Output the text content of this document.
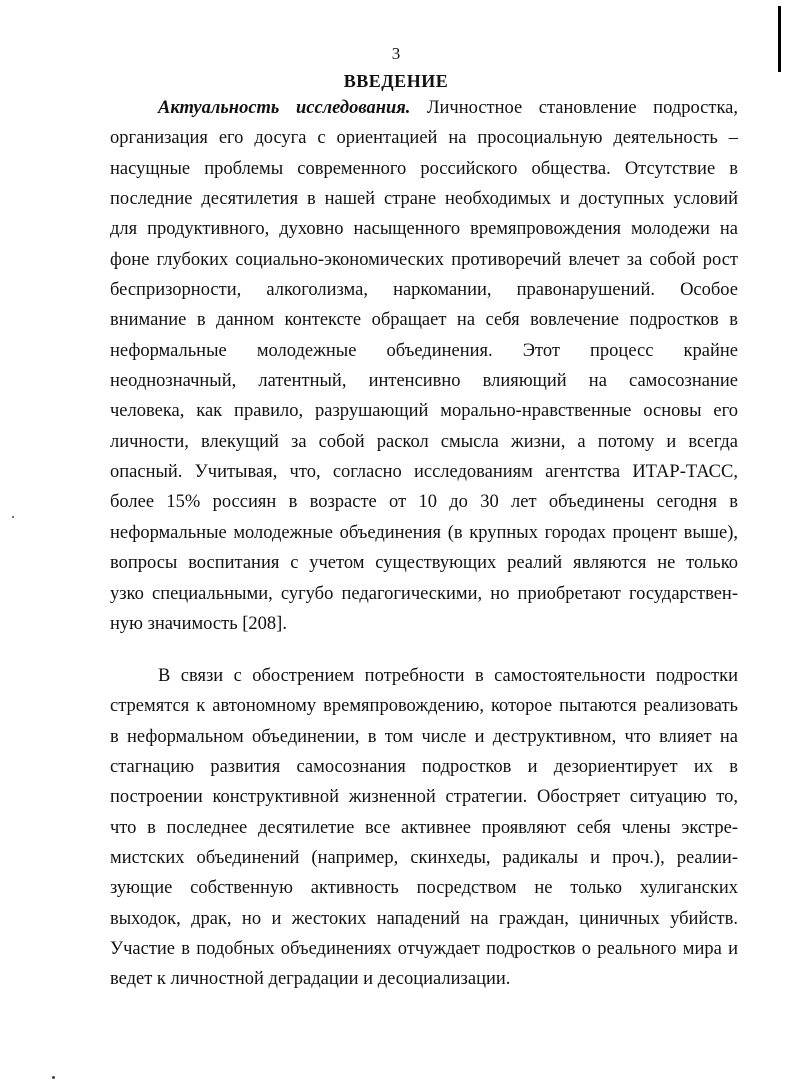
3
ВВЕДЕНИЕ
Актуальность исследования. Личностное становление подростка,
организация его досуга с ориентацией на просоциальную деятельность –
насущные проблемы современного российского общества. Отсутствие в
последние десятилетия в нашей стране необходимых и доступных условий
для продуктивного, духовно насыщенного времяпровождения молодежи на
фоне глубоких социально-экономических противоречий влечет за собой рост
беспризорности, алкоголизма, наркомании, правонарушений. Особое
внимание в данном контексте обращает на себя вовлечение подростков в
неформальные молодежные объединения. Этот процесс крайне
неоднозначный, латентный, интенсивно влияющий на самосознание
человека, как правило, разрушающий морально-нравственные основы его
личности, влекущий за собой раскол смысла жизни, а потому и всегда
опасный. Учитывая, что, согласно исследованиям агентства ИТАР-ТАСС,
более 15% россиян в возрасте от 10 до 30 лет объединены сегодня в
неформальные молодежные объединения (в крупных городах процент выше),
вопросы воспитания с учетом существующих реалий являются не только
узко специальными, сугубо педагогическими, но приобретают государствен-
ную значимость [208].
В связи с обострением потребности в самостоятельности подростки
стремятся к автономному времяпровождению, которое пытаются реализовать
в неформальном объединении, в том числе и деструктивном, что влияет на
стагнацию развития самосознания подростков и дезориентирует их в
построении конструктивной жизненной стратегии. Обостряет ситуацию то,
что в последнее десятилетие все активнее проявляют себя члены экстре-
мистских объединений (например, скинхеды, радикалы и проч.), реалии-
зующие собственную активность посредством не только хулиганских
выходок, драк, но и жестоких нападений на граждан, циничных убийств.
Участие в подобных объединениях отчуждает подростков о реального мира и
ведет к личностной деградации и десоциализации.
